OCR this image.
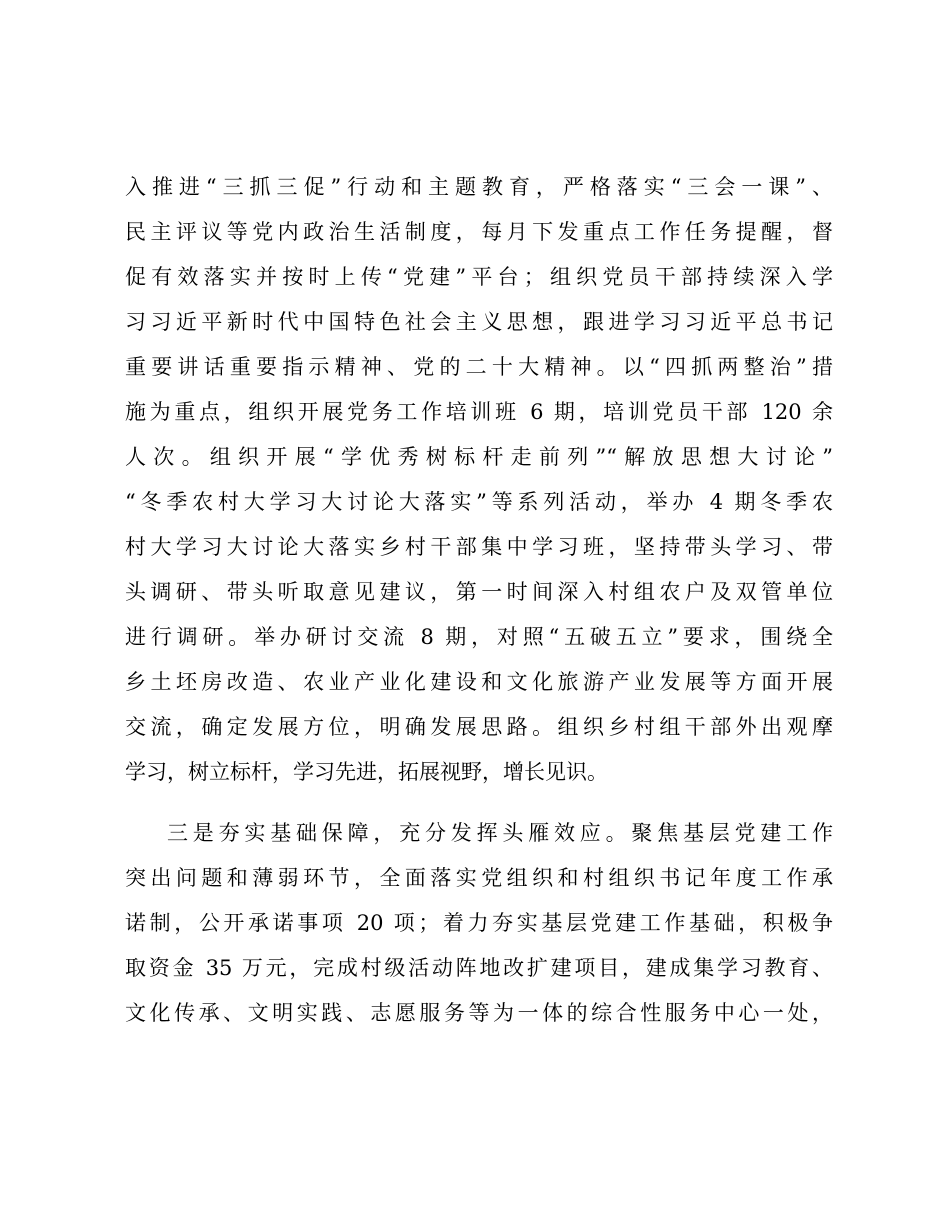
入推进“三抓三促”行动和主题教育，严格落实“三会一课”、
民主评议等党内政治生活制度，每月下发重点工作任务提醒，督
促有效落实并按时上传“党建”平台；组织党员干部持续深入学
习习近平新时代中国特色社会主义思想，跟进学习习近平总书记
重要讲话重要指示精神、党的二十大精神。以“四抓两整治”措
施为重点，组织开展党务工作培训班 6 期，培训党员干部 120 余
人次。组织开展“学优秀树标杆走前列”“解放思想大讨论”
“冬季农村大学习大讨论大落实”等系列活动，举办 4 期冬季农
村大学习大讨论大落实乡村干部集中学习班，坚持带头学习、带
头调研、带头听取意见建议，第一时间深入村组农户及双管单位
进行调研。举办研讨交流 8 期，对照“五破五立”要求，围绕全
乡土坯房改造、农业产业化建设和文化旅游产业发展等方面开展
交流，确定发展方位，明确发展思路。组织乡村组干部外出观摩
学习，树立标杆，学习先进，拓展视野，增长见识。
三是夯实基础保障，充分发挥头雁效应。聚焦基层党建工作
突出问题和薄弱环节，全面落实党组织和村组织书记年度工作承
诺制，公开承诺事项 20 项；着力夯实基层党建工作基础，积极争
取资金 35 万元，完成村级活动阵地改扩建项目，建成集学习教育、
文化传承、文明实践、志愿服务等为一体的综合性服务中心一处，
